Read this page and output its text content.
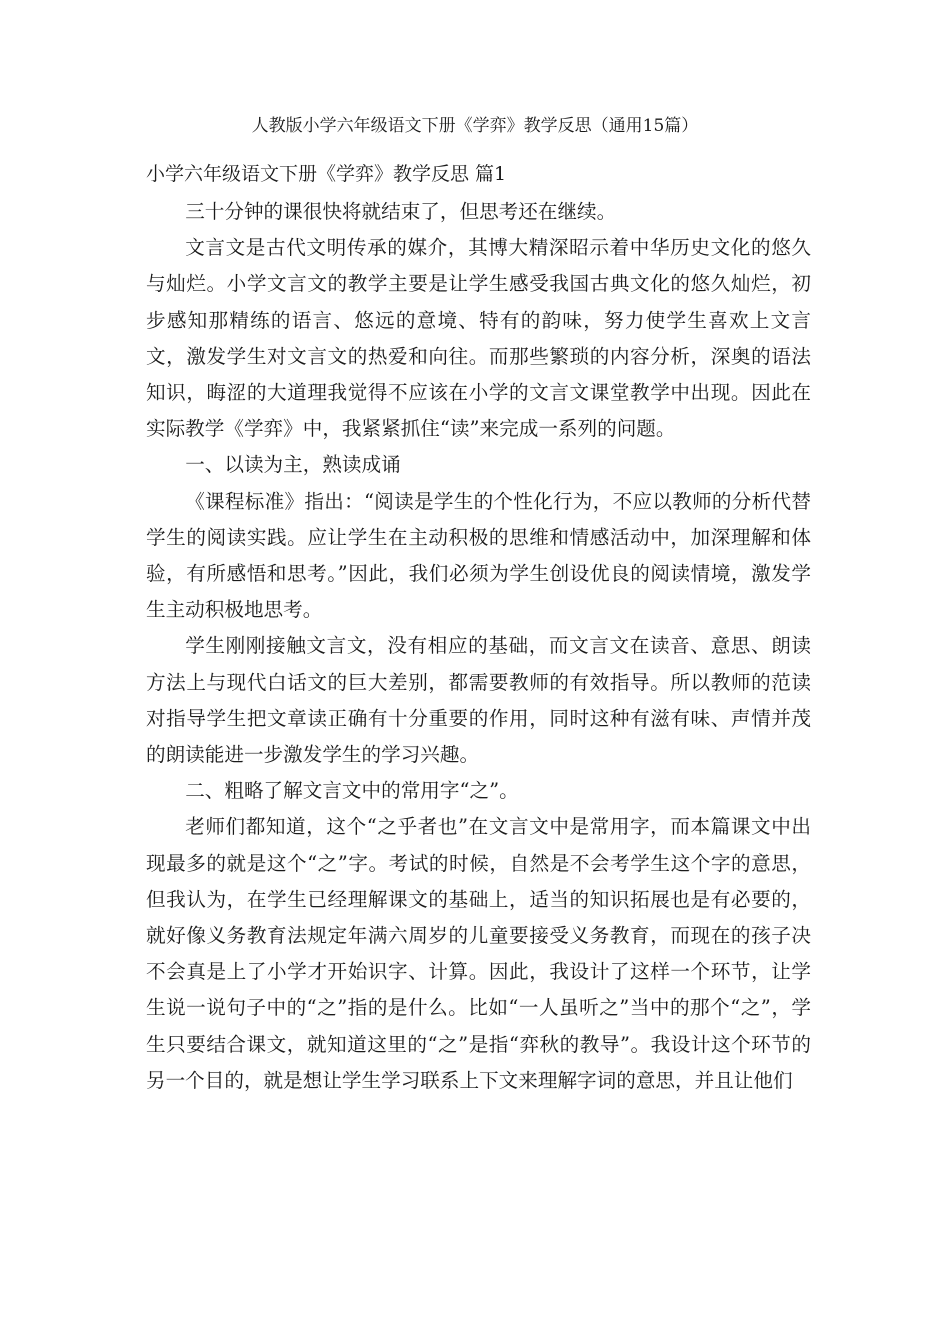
人教版小学六年级语文下册《学弈》教学反思（通用15篇）
小学六年级语文下册《学弈》教学反思 篇1

三十分钟的课很快将就结束了，但思考还在继续。

文言文是古代文明传承的媒介，其博大精深昭示着中华历史文化的悠久与灿烂。小学文言文的教学主要是让学生感受我国古典文化的悠久灿烂，初步感知那精练的语言、悠远的意境、特有的韵味，努力使学生喜欢上文言文，激发学生对文言文的热爱和向往。而那些繁琐的内容分析，深奥的语法知识，晦涩的大道理我觉得不应该在小学的文言文课堂教学中出现。因此在实际教学《学弈》中，我紧紧抓住“读”来完成一系列的问题。

一、以读为主，熟读成诵

《课程标准》指出：“阅读是学生的个性化行为，不应以教师的分析代替学生的阅读实践。应让学生在主动积极的思维和情感活动中，加深理解和体验，有所感悟和思考。”因此，我们必须为学生创设优良的阅读情境，激发学生主动积极地思考。

学生刚刚接触文言文，没有相应的基础，而文言文在读音、意思、朗读方法上与现代白话文的巨大差别，都需要教师的有效指导。所以教师的范读对指导学生把文章读正确有十分重要的作用，同时这种有滋有味、声情并茂的朗读能进一步激发学生的学习兴趣。

二、粗略了解文言文中的常用字“之”。

老师们都知道，这个“之乎者也”在文言文中是常用字，而本篇课文中出现最多的就是这个“之”字。考试的时候，自然是不会考学生这个字的意思，但我认为，在学生已经理解课文的基础上，适当的知识拓展也是有必要的，就好像义务教育法规定年满六周岁的儿童要接受义务教育，而现在的孩子决不会真是上了小学才开始识字、计算。因此，我设计了这样一个环节，让学生说一说句子中的“之”指的是什么。比如“一人虽听之”当中的那个“之”，学生只要结合课文，就知道这里的“之”是指“弈秋的教导”。我设计这个环节的另一个目的，就是想让学生学习联系上下文来理解字词的意思，并且让他们
